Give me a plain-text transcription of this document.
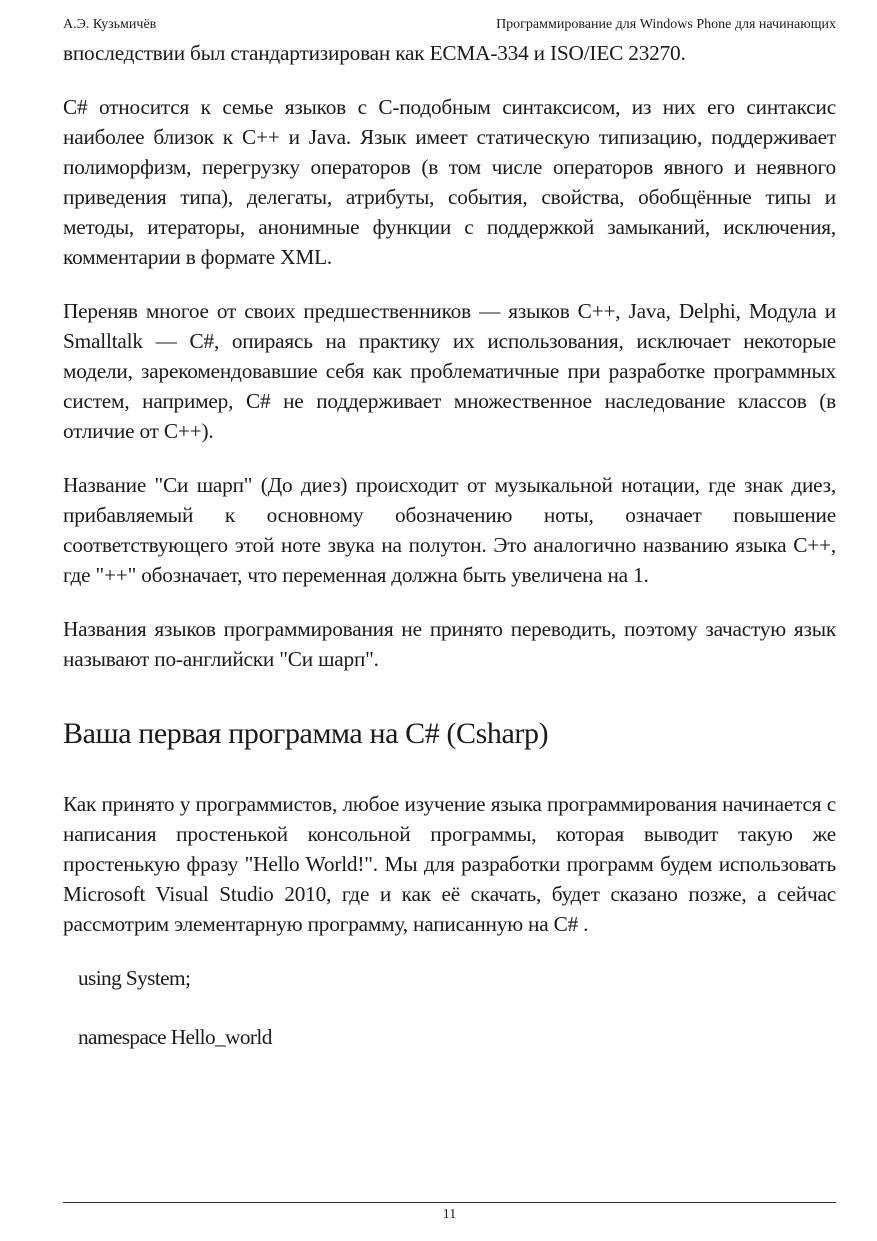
А.Э. Кузьмичёв	Программирование для Windows Phone для начинающих

впоследствии был стандартизирован как ECMA-334 и ISO/IEC 23270.

C# относится к семье языков с C-подобным синтаксисом, из них его синтаксис наиболее близок к C++ и Java. Язык имеет статическую типизацию, поддерживает полиморфизм, перегрузку операторов (в том числе операторов явного и неявного приведения типа), делегаты, атрибуты, события, свойства, обобщённые типы и методы, итераторы, анонимные функции с поддержкой замыканий, исключения, комментарии в формате XML.

Переняв многое от своих предшественников — языков C++, Java, Delphi, Модула и Smalltalk — C#, опираясь на практику их использования, исключает некоторые модели, зарекомендовавшие себя как проблематичные при разработке программных систем, например, C# не поддерживает множественное наследование классов (в отличие от C++).

Название "Си шарп" (До диез) происходит от музыкальной нотации, где знак диез, прибавляемый к основному обозначению ноты, означает повышение соответствующего этой ноте звука на полутон. Это аналогично названию языка C++, где "++" обозначает, что переменная должна быть увеличена на 1.

Названия языков программирования не принято переводить, поэтому зачастую язык называют по-английски "Си шарп".

Ваша первая программа на C# (Csharp)

Как принято у программистов, любое изучение языка программирования начинается с написания простенькой консольной программы, которая выводит такую же простенькую фразу "Hello World!". Мы для разработки программ будем использовать Microsoft Visual Studio 2010, где и как её скачать, будет сказано позже, а сейчас рассмотрим элементарную программу, написанную на C# .

using System;

namespace Hello_world

11
